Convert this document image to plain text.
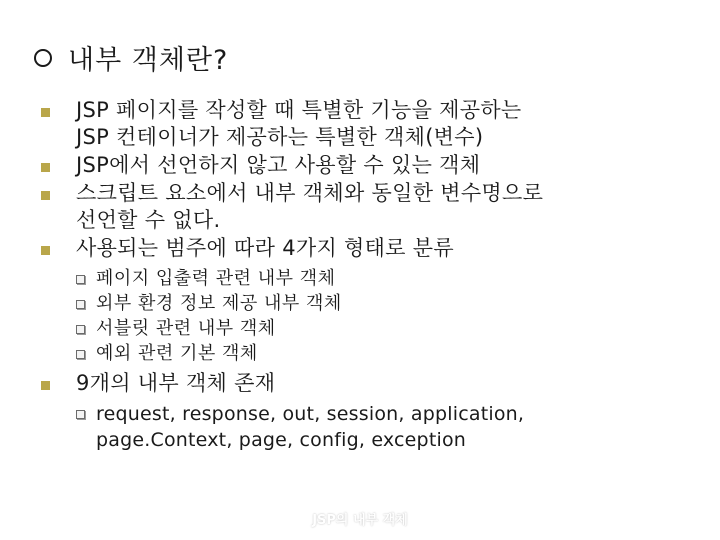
내부 객체란?
JSP 페이지를 작성할 때 특별한 기능을 제공하는
JSP 컨테이너가 제공하는 특별한 객체(변수)
JSP에서 선언하지 않고 사용할 수 있는 객체
스크립트 요소에서 내부 객체와 동일한 변수명으로
선언할 수 없다.
사용되는 범주에 따라 4가지 형태로 분류
페이지 입출력 관련 내부 객체
외부 환경 정보 제공 내부 객체
서블릿 관련 내부 객체
예외 관련 기본 객체
9개의 내부 객체 존재
request, response, out, session, application,
page.Context, page, config, exception
JSP의 내부 객체
